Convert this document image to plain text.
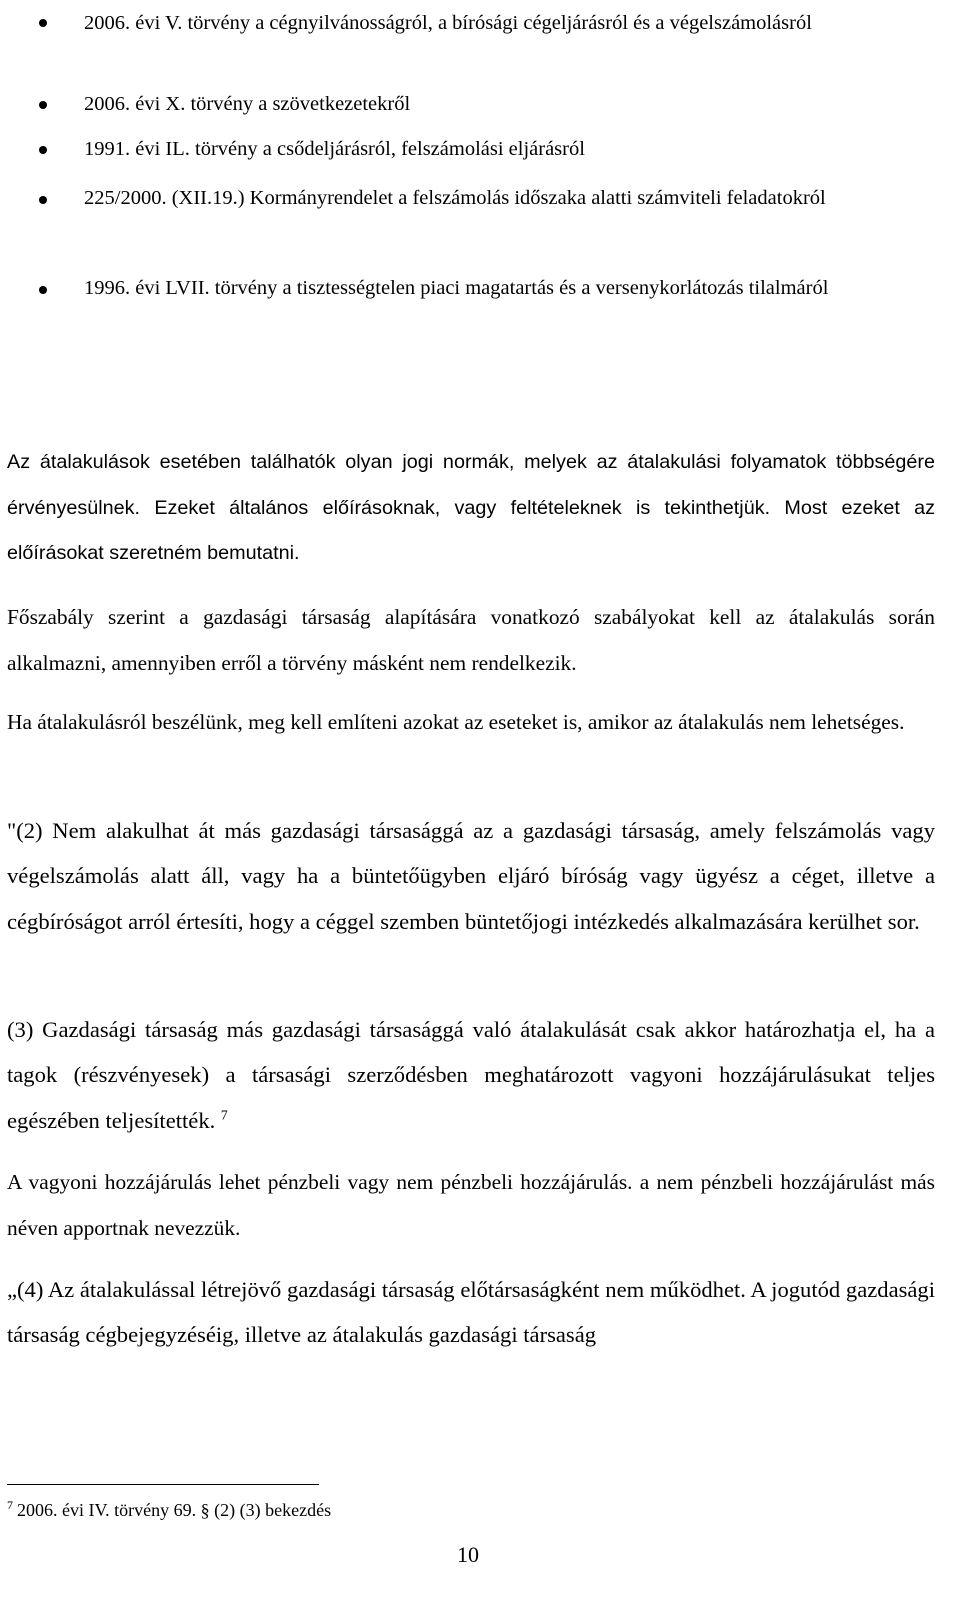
2006. évi V. törvény a cégnyilvánosságról, a bírósági cégeljárásról és a végelszámolásról
2006. évi X. törvény a szövetkezetekről
1991. évi IL. törvény a csődeljárásról, felszámolási eljárásról
225/2000. (XII.19.) Kormányrendelet a felszámolás időszaka alatti számviteli feladatokról
1996. évi LVII. törvény a tisztességtelen piaci magatartás és a versenykorlátozás tilalmáról

Az átalakulások esetében találhatók olyan jogi normák, melyek az átalakulási folyamatok többségére érvényesülnek. Ezeket általános előírásoknak, vagy feltételeknek is tekinthetjük. Most ezeket az előírásokat szeretném bemutatni.

Főszabály szerint a gazdasági társaság alapítására vonatkozó szabályokat kell az átalakulás során alkalmazni, amennyiben erről a törvény másként nem rendelkezik.

Ha átalakulásról beszélünk, meg kell említeni azokat az eseteket is, amikor az átalakulás nem lehetséges.

"(2) Nem alakulhat át más gazdasági társasággá az a gazdasági társaság, amely felszámolás vagy végelszámolás alatt áll, vagy ha a büntetőügyben eljáró bíróság vagy ügyész a céget, illetve a cégbíróságot arról értesíti, hogy a céggel szemben büntetőjogi intézkedés alkalmazására kerülhet sor.

(3) Gazdasági társaság más gazdasági társasággá való átalakulását csak akkor határozhatja el, ha a tagok (részvényesek) a társasági szerződésben meghatározott vagyoni hozzájárulásukat teljes egészében teljesítették. $^7$

A vagyoni hozzájárulás lehet pénzbeli vagy nem pénzbeli hozzájárulás. a nem pénzbeli hozzájárulást más néven apportnak nevezzük.

„(4) Az átalakulással létrejövő gazdasági társaság előtársaságként nem működhet. A jogutód gazdasági társaság cégbejegyzéséig, illetve az átalakulás gazdasági társaság

$^7$ 2006. évi IV. törvény 69. § (2) (3) bekezdés
10
